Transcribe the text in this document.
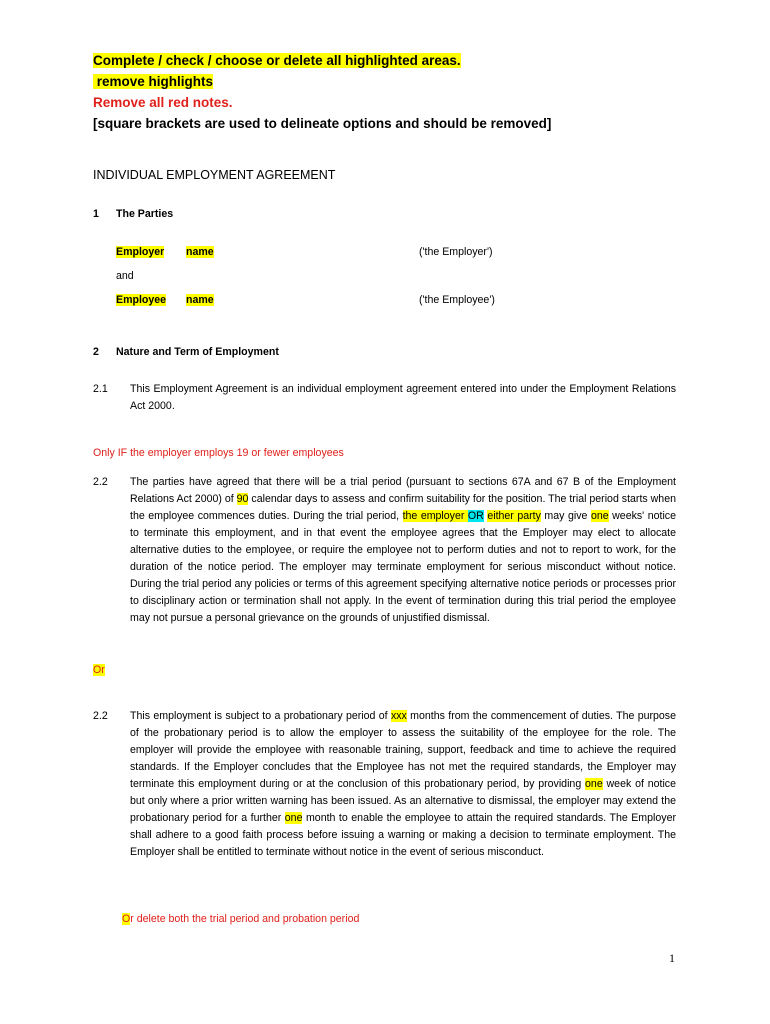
Complete / check / choose or delete all highlighted areas.
remove highlights
Remove all red notes.
[square brackets are used to delineate options and should be removed]
INDIVIDUAL EMPLOYMENT AGREEMENT
1 The Parties
Employer name	('the Employer')
and
Employee name	('the Employee')
2 Nature and Term of Employment
2.1 This Employment Agreement is an individual employment agreement entered into under the Employment Relations Act 2000.
Only IF the employer employs 19 or fewer employees
2.2 The parties have agreed that there will be a trial period (pursuant to sections 67A and 67 B of the Employment Relations Act 2000) of 90 calendar days to assess and confirm suitability for the position. The trial period starts when the employee commences duties. During the trial period, the employer OR either party may give one weeks' notice to terminate this employment, and in that event the employee agrees that the Employer may elect to allocate alternative duties to the employee, or require the employee not to perform duties and not to report to work, for the duration of the notice period. The employer may terminate employment for serious misconduct without notice. During the trial period any policies or terms of this agreement specifying alternative notice periods or processes prior to disciplinary action or termination shall not apply. In the event of termination during this trial period the employee may not pursue a personal grievance on the grounds of unjustified dismissal.
Or
2.2 This employment is subject to a probationary period of xxx months from the commencement of duties. The purpose of the probationary period is to allow the employer to assess the suitability of the employee for the role. The employer will provide the employee with reasonable training, support, feedback and time to achieve the required standards. If the Employer concludes that the Employee has not met the required standards, the Employer may terminate this employment during or at the conclusion of this probationary period, by providing one week of notice but only where a prior written warning has been issued. As an alternative to dismissal, the employer may extend the probationary period for a further one month to enable the employee to attain the required standards. The Employer shall adhere to a good faith process before issuing a warning or making a decision to terminate employment. The Employer shall be entitled to terminate without notice in the event of serious misconduct.
Or delete both the trial period and probation period
1
